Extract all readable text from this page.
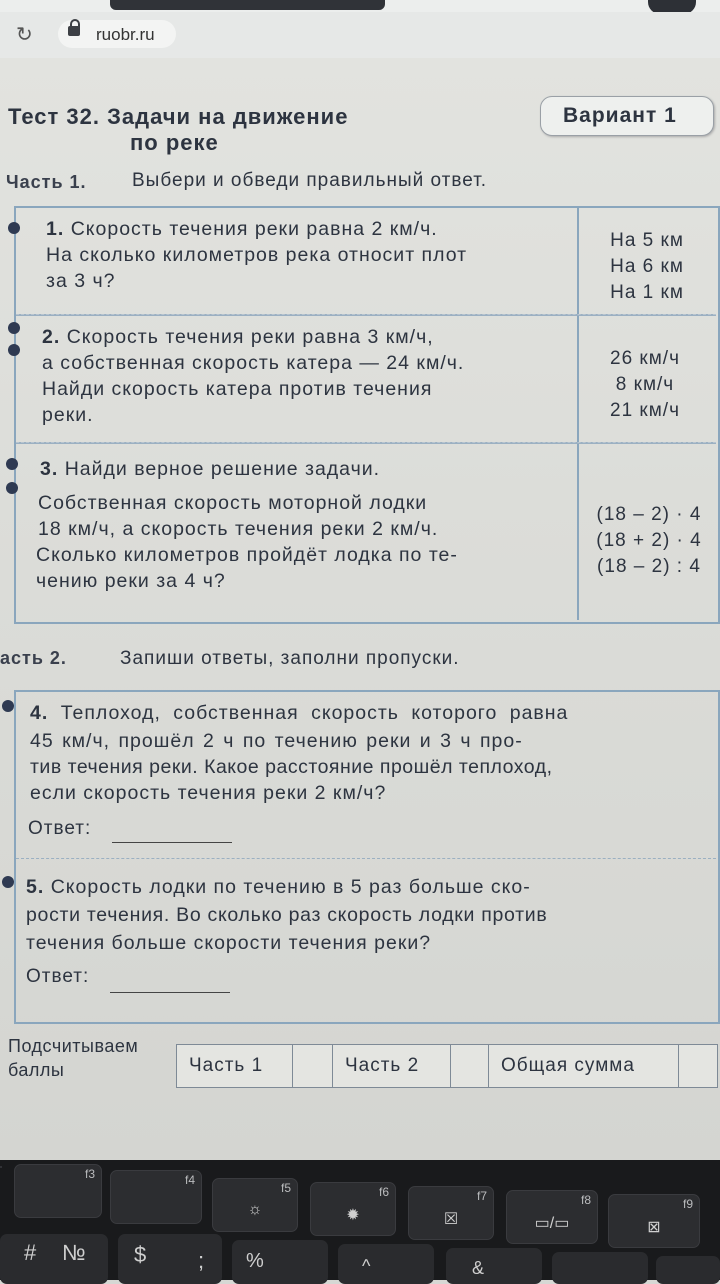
↻	ruobr.ru
Тест 32. Задачи на движение
по реке
Вариант 1
Часть 1. Выбери и обведи правильный ответ.
1. Скорость течения реки равна 2 км/ч.
На сколько километров река относит плот
за 3 ч?
На 5 км
На 6 км
На 1 км
2. Скорость течения реки равна 3 км/ч,
а собственная скорость катера — 24 км/ч.
Найди скорость катера против течения
реки.
26 км/ч
8 км/ч
21 км/ч
3. Найди верное решение задачи.
Собственная скорость моторной лодки
18 км/ч, а скорость течения реки 2 км/ч.
Сколько километров пройдёт лодка по те-
чению реки за 4 ч?
(18 – 2) · 4
(18 + 2) · 4
(18 – 2) : 4
асть 2.	Запиши ответы, заполни пропуски.
4. Теплоход, собственная скорость которого равна
45 км/ч, прошёл 2 ч по течению реки и 3 ч про-
тив течения реки. Какое расстояние прошёл теплоход,
если скорость течения реки 2 км/ч?
Ответ:
5. Скорость лодки по течению в 5 раз больше ско-
рости течения. Во сколько раз скорость лодки против
течения больше скорости течения реки?
Ответ:
Подсчитываем
баллы	Часть 1	Часть 2	Общая сумма
f3	f4
f5
☼
f6
✹
f7
☒
f8
▭/▭
f9
⊠
# № $ ; %	^	&
